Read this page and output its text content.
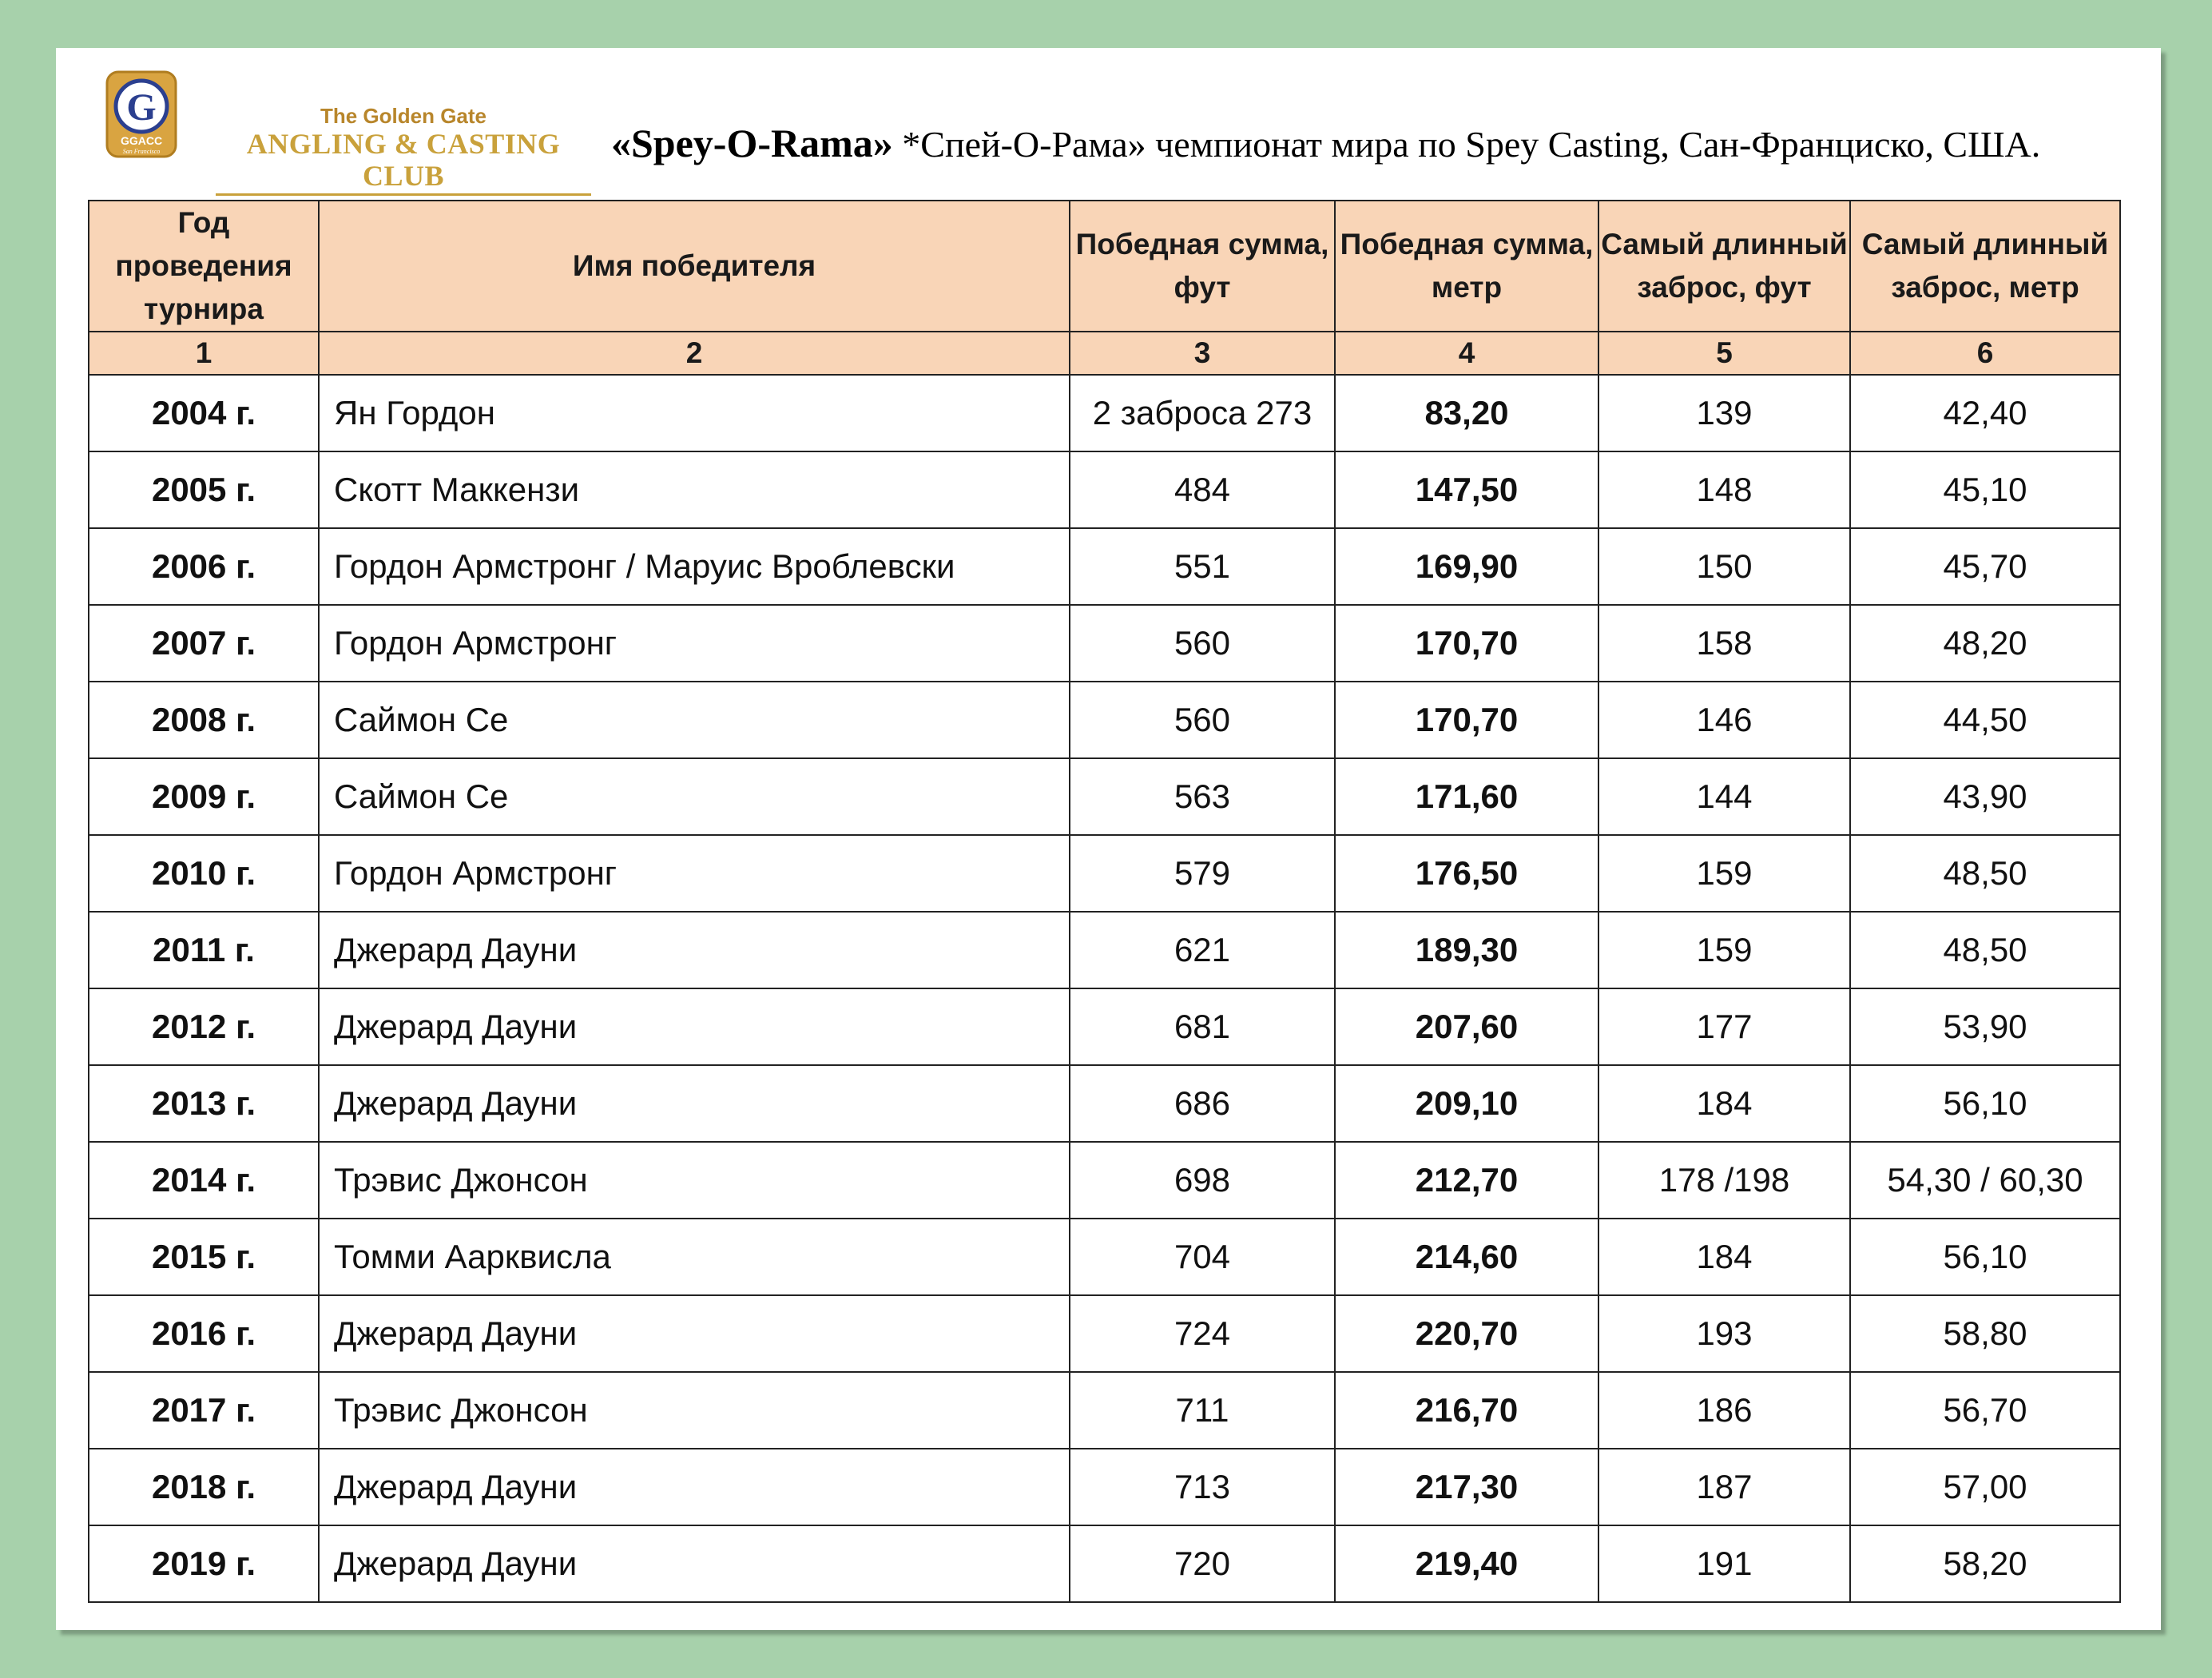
G
GGACC
San Francisco
The Golden Gate
ANGLING & CASTING CLUB
«Spey-O-Rama» *Спей-О-Рама» чемпионат мира по Spey Casting, Сан-Франциско, США.
Год проведения турнира	Имя победителя	Победная сумма, фут	Победная сумма, метр	Самый длинный заброс, фут	Самый длинный заброс, метр
1	2	3	4	5	6
2004 г.	Ян Гордон	2 заброса 273	83,20	139	42,40
2005 г.	Скотт Маккензи	484	147,50	148	45,10
2006 г.	Гордон Армстронг / Маруис Вроблевски	551	169,90	150	45,70
2007 г.	Гордон Армстронг	560	170,70	158	48,20
2008 г.	Саймон Се	560	170,70	146	44,50
2009 г.	Саймон Се	563	171,60	144	43,90
2010 г.	Гордон Армстронг	579	176,50	159	48,50
2011 г.	Джерард Дауни	621	189,30	159	48,50
2012 г.	Джерард Дауни	681	207,60	177	53,90
2013 г.	Джерард Дауни	686	209,10	184	56,10
2014 г.	Трэвис Джонсон	698	212,70	178 /198	54,30 / 60,30
2015 г.	Томми Аарквисла	704	214,60	184	56,10
2016 г.	Джерард Дауни	724	220,70	193	58,80
2017 г.	Трэвис Джонсон	711	216,70	186	56,70
2018 г.	Джерард Дауни	713	217,30	187	57,00
2019 г.	Джерард Дауни	720	219,40	191	58,20
